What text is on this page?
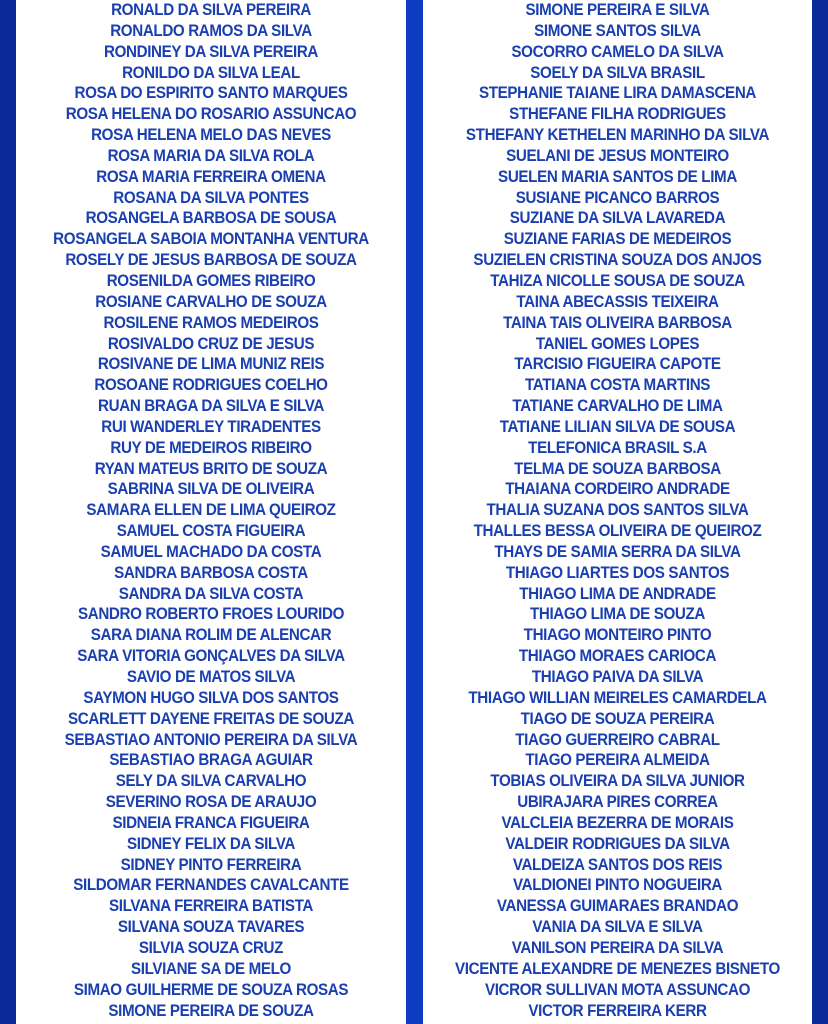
RONALD DA SILVA PEREIRA
RONALDO RAMOS DA SILVA
RONDINEY DA SILVA PEREIRA
RONILDO DA SILVA LEAL
ROSA DO ESPIRITO SANTO MARQUES
ROSA HELENA DO ROSARIO ASSUNCAO
ROSA HELENA MELO DAS NEVES
ROSA MARIA DA SILVA ROLA
ROSA MARIA FERREIRA OMENA
ROSANA DA SILVA PONTES
ROSANGELA BARBOSA DE SOUSA
ROSANGELA SABOIA MONTANHA VENTURA
ROSELY DE JESUS BARBOSA DE SOUZA
ROSENILDA GOMES RIBEIRO
ROSIANE CARVALHO DE SOUZA
ROSILENE RAMOS MEDEIROS
ROSIVALDO CRUZ DE JESUS
ROSIVANE DE LIMA MUNIZ REIS
ROSOANE RODRIGUES COELHO
RUAN BRAGA DA SILVA E SILVA
RUI WANDERLEY TIRADENTES
RUY DE MEDEIROS RIBEIRO
RYAN MATEUS BRITO DE SOUZA
SABRINA SILVA DE OLIVEIRA
SAMARA ELLEN DE LIMA QUEIROZ
SAMUEL COSTA FIGUEIRA
SAMUEL MACHADO DA COSTA
SANDRA BARBOSA COSTA
SANDRA DA SILVA COSTA
SANDRO ROBERTO FROES LOURIDO
SARA DIANA ROLIM DE ALENCAR
SARA VITORIA GONÇALVES DA SILVA
SAVIO DE MATOS SILVA
SAYMON HUGO SILVA DOS SANTOS
SCARLETT DAYENE FREITAS DE SOUZA
SEBASTIAO ANTONIO PEREIRA DA SILVA
SEBASTIAO BRAGA AGUIAR
SELY DA SILVA CARVALHO
SEVERINO ROSA DE ARAUJO
SIDNEIA FRANCA FIGUEIRA
SIDNEY FELIX DA SILVA
SIDNEY PINTO FERREIRA
SILDOMAR FERNANDES CAVALCANTE
SILVANA FERREIRA BATISTA
SILVANA SOUZA TAVARES
SILVIA SOUZA CRUZ
SILVIANE SA DE MELO
SIMAO GUILHERME DE SOUZA ROSAS
SIMONE PEREIRA DE SOUZA
SIMONE PEREIRA E SILVA
SIMONE SANTOS SILVA
SOCORRO CAMELO DA SILVA
SOELY DA SILVA BRASIL
STEPHANIE TAIANE LIRA DAMASCENA
STHEFANE FILHA RODRIGUES
STHEFANY KETHELEN MARINHO DA SILVA
SUELANI DE JESUS MONTEIRO
SUELEN MARIA SANTOS DE LIMA
SUSIANE PICANCO BARROS
SUZIANE DA SILVA LAVAREDA
SUZIANE FARIAS DE MEDEIROS
SUZIELEN CRISTINA SOUZA DOS ANJOS
TAHIZA NICOLLE SOUSA DE SOUZA
TAINA ABECASSIS TEIXEIRA
TAINA TAIS OLIVEIRA BARBOSA
TANIEL GOMES LOPES
TARCISIO FIGUEIRA CAPOTE
TATIANA COSTA MARTINS
TATIANE CARVALHO DE LIMA
TATIANE LILIAN SILVA DE SOUSA
TELEFONICA BRASIL S.A
TELMA DE SOUZA BARBOSA
THAIANA CORDEIRO ANDRADE
THALIA SUZANA DOS SANTOS SILVA
THALLES BESSA OLIVEIRA DE QUEIROZ
THAYS DE SAMIA SERRA DA SILVA
THIAGO LIARTES DOS SANTOS
THIAGO LIMA DE ANDRADE
THIAGO LIMA DE SOUZA
THIAGO MONTEIRO PINTO
THIAGO MORAES CARIOCA
THIAGO PAIVA DA SILVA
THIAGO WILLIAN MEIRELES CAMARDELA
TIAGO DE SOUZA PEREIRA
TIAGO GUERREIRO CABRAL
TIAGO PEREIRA ALMEIDA
TOBIAS OLIVEIRA DA SILVA JUNIOR
UBIRAJARA PIRES CORREA
VALCLEIA BEZERRA DE MORAIS
VALDEIR RODRIGUES DA SILVA
VALDEIZA SANTOS DOS REIS
VALDIONEI PINTO NOGUEIRA
VANESSA GUIMARAES BRANDAO
VANIA DA SILVA E SILVA
VANILSON PEREIRA DA SILVA
VICENTE ALEXANDRE DE MENEZES BISNETO
VICROR SULLIVAN MOTA ASSUNCAO
VICTOR FERREIRA KERR
